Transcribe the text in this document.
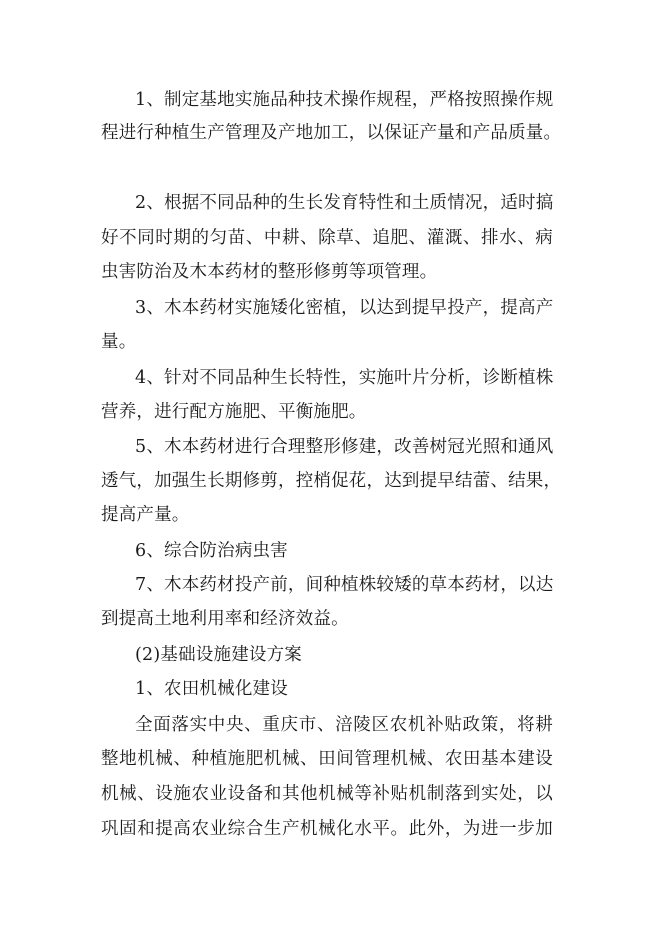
1、制定基地实施品种技术操作规程，严格按照操作规
程进行种植生产管理及产地加工，以保证产量和产品质量。
2、根据不同品种的生长发育特性和土质情况，适时搞
好不同时期的匀苗、中耕、除草、追肥、灌溉、排水、病
虫害防治及木本药材的整形修剪等项管理。
3、木本药材实施矮化密植，以达到提早投产，提高产
量。
4、针对不同品种生长特性，实施叶片分析，诊断植株
营养，进行配方施肥、平衡施肥。
5、木本药材进行合理整形修建，改善树冠光照和通风
透气，加强生长期修剪，控梢促花，达到提早结蕾、结果，
提高产量。
6、综合防治病虫害
7、木本药材投产前，间种植株较矮的草本药材，以达
到提高土地利用率和经济效益。
(2)基础设施建设方案
1、农田机械化建设
全面落实中央、重庆市、涪陵区农机补贴政策，将耕
整地机械、种植施肥机械、田间管理机械、农田基本建设
机械、设施农业设备和其他机械等补贴机制落到实处，以
巩固和提高农业综合生产机械化水平。此外，为进一步加
